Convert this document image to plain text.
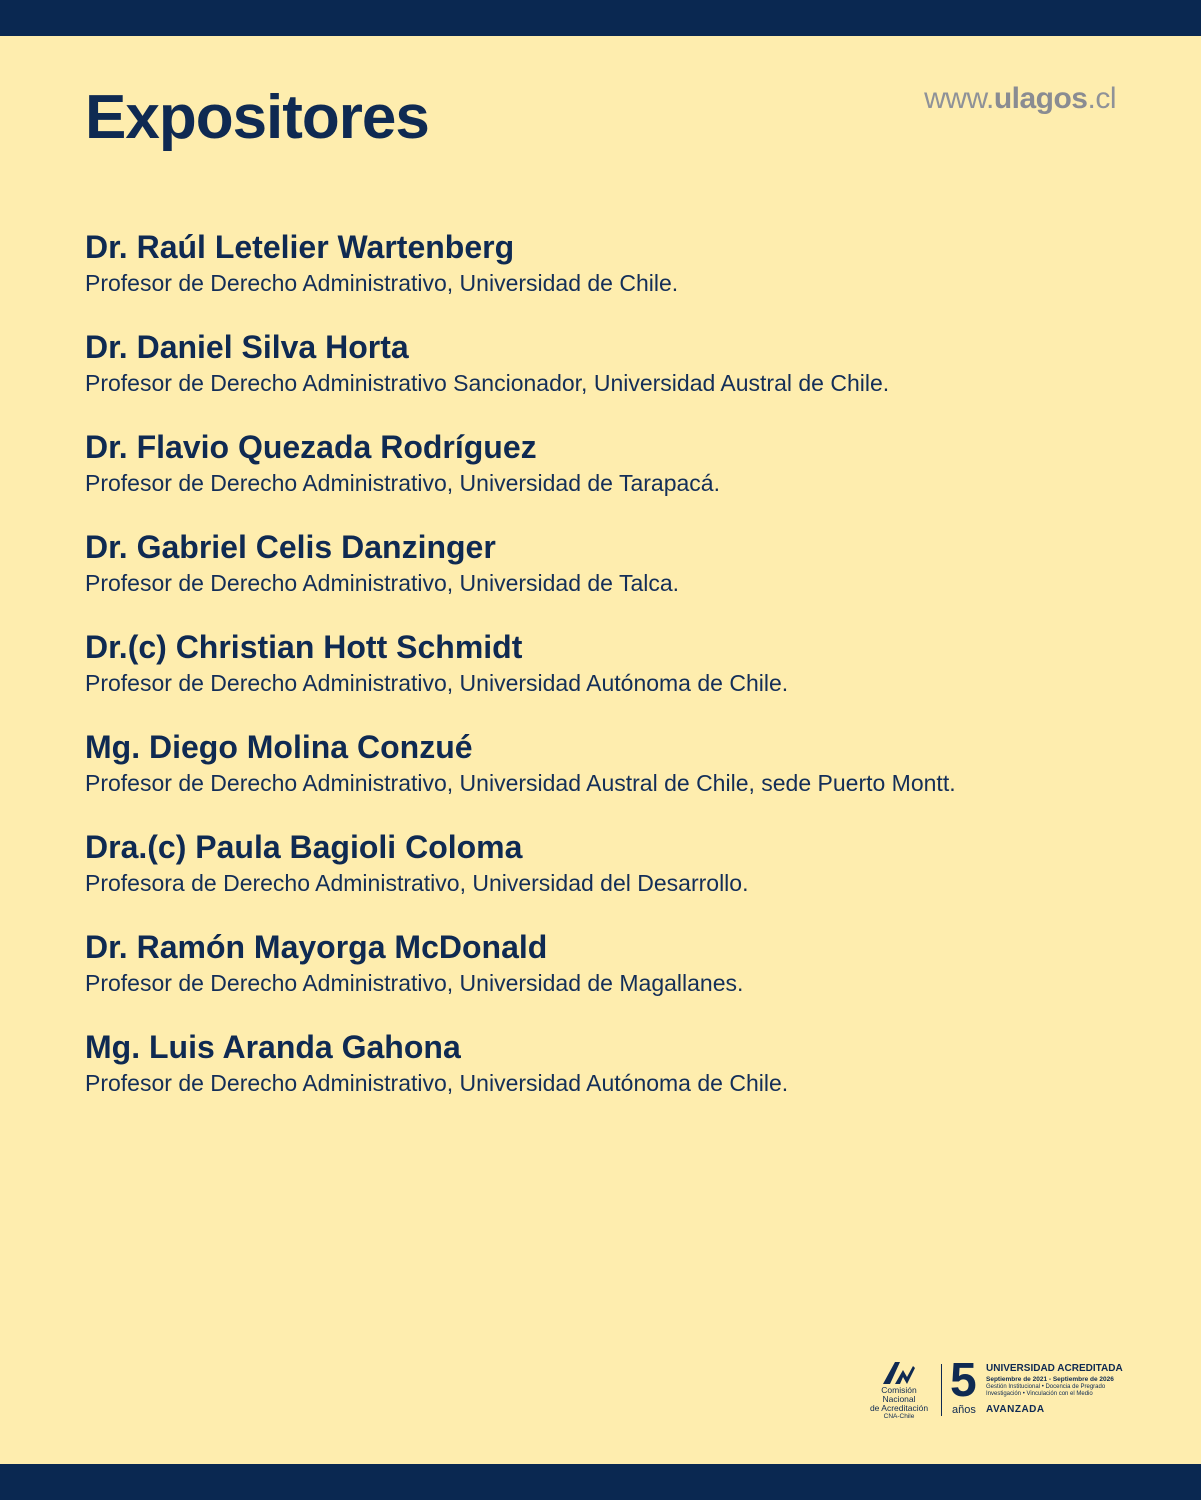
Expositores	www.ulagos.cl
Dr. Raúl Letelier Wartenberg
Profesor de Derecho Administrativo, Universidad de Chile.
Dr. Daniel Silva Horta
Profesor de Derecho Administrativo Sancionador, Universidad Austral de Chile.
Dr. Flavio Quezada Rodríguez
Profesor de Derecho Administrativo, Universidad de Tarapacá.
Dr. Gabriel Celis Danzinger
Profesor de Derecho Administrativo, Universidad de Talca.
Dr.(c) Christian Hott Schmidt
Profesor de Derecho Administrativo, Universidad Autónoma de Chile.
Mg. Diego Molina Conzué
Profesor de Derecho Administrativo, Universidad Austral de Chile, sede Puerto Montt.
Dra.(c) Paula Bagioli Coloma
Profesora de Derecho Administrativo, Universidad del Desarrollo.
Dr. Ramón Mayorga McDonald
Profesor de Derecho Administrativo, Universidad de Magallanes.
Mg. Luis Aranda Gahona
Profesor de Derecho Administrativo, Universidad Autónoma de Chile.
Comisión Nacional
de Acreditación
CNA-Chile
5
años
UNIVERSIDAD ACREDITADA
Septiembre de 2021 - Septiembre de 2026
Gestión Institucional • Docencia de Pregrado Investigación • Vinculación con el Medio
AVANZADA
